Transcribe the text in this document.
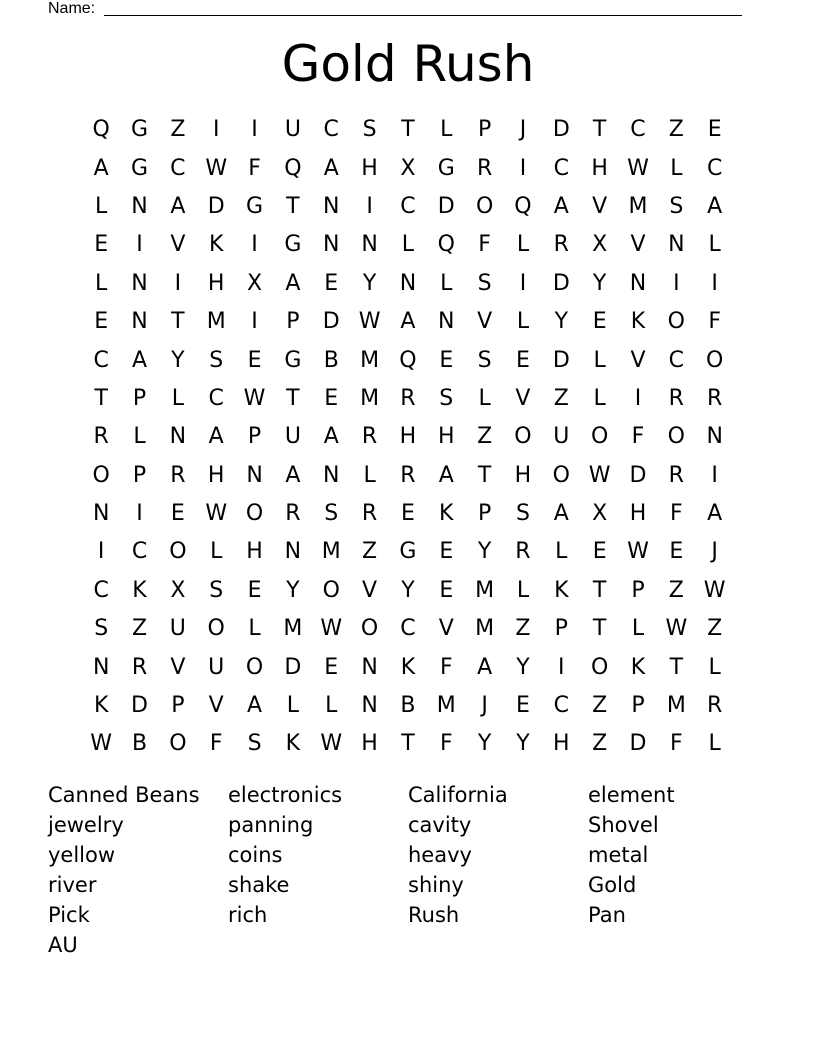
Name:
Gold Rush
Q G	Z	I	I	U	C	S	T	L	P	J	D	T	C	Z	E
A	G	C W F	Q	A	H	X	G	R	I	C	H W L	C
L	N	A	D G	T	N	I	C	D O Q	A	V M S	A
E	I	V	K	I	G N N	L	Q	F	L	R	X	V	N	L
L	N	I	H	X	A	E	Y	N	L	S	I	D	Y	N	I	I
E	N	T	M	I	P	D W A	N	V	L	Y	E	K	O	F
C	A	Y	S	E	G	B M Q	E	S	E	D	L	V	C O
T	P	L	C W T	E M R	S	L	V	Z	L	I	R	R
R	L	N	A	P	U	A	R	H H	Z	O U O	F	O N
O	P	R	H N	A	N	L	R	A	T	H O W D	R	I
N	I	E W O	R	S	R	E	K	P	S	A	X	H	F	A
I	C O	L	H N M Z	G	E	Y	R	L	E W E	J
C	K	X	S	E	Y	O	V	Y	E M	L	K	T	P	Z W
S	Z	U O	L	M W O	C	V M Z	P	T	L W Z
N	R	V	U O D	E	N	K	F	A	Y	I	O	K	T	L
K	D	P	V	A	L	L	N	B M	J	E	C	Z	P	M R
W B	O	F	S	K W H	T	F	Y	Y	H	Z	D	F	L
Canned Beans	electronics	California	element
jewelry	panning	cavity	Shovel
yellow	coins	heavy	metal
river	shake	shiny	Gold
Pick	rich	Rush	Pan
AU
